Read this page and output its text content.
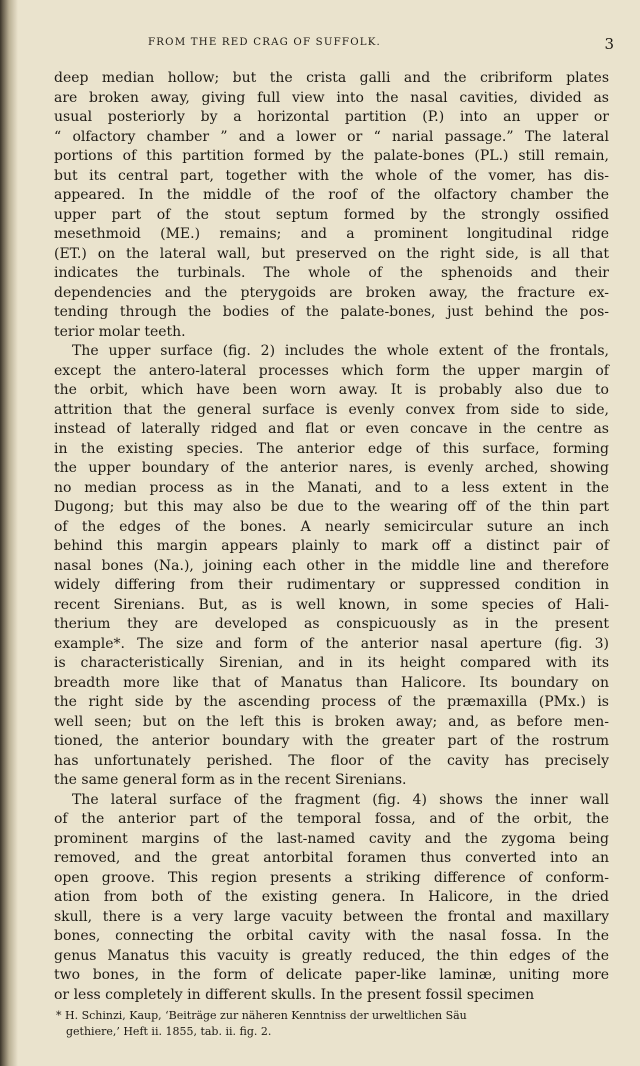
FROM THE RED CRAG OF SUFFOLK.	3
deep median hollow; but the crista galli and the cribriform plates
are broken away, giving full view into the nasal cavities, divided as
usual posteriorly by a horizontal partition (P.) into an upper or
“ olfactory chamber ” and a lower or “ narial passage.” The lateral
portions of this partition formed by the palate-bones (PL.) still remain,
but its central part, together with the whole of the vomer, has dis-
appeared. In the middle of the roof of the olfactory chamber the
upper part of the stout septum formed by the strongly ossified
mesethmoid (ME.) remains; and a prominent longitudinal ridge
(ET.) on the lateral wall, but preserved on the right side, is all that
indicates the turbinals. The whole of the sphenoids and their
dependencies and the pterygoids are broken away, the fracture ex-
tending through the bodies of the palate-bones, just behind the pos-
terior molar teeth.
The upper surface (fig. 2) includes the whole extent of the frontals,
except the antero-lateral processes which form the upper margin of
the orbit, which have been worn away. It is probably also due to
attrition that the general surface is evenly convex from side to side,
instead of laterally ridged and flat or even concave in the centre as
in the existing species. The anterior edge of this surface, forming
the upper boundary of the anterior nares, is evenly arched, showing
no median process as in the Manati, and to a less extent in the
Dugong; but this may also be due to the wearing off of the thin part
of the edges of the bones. A nearly semicircular suture an inch
behind this margin appears plainly to mark off a distinct pair of
nasal bones (Na.), joining each other in the middle line and therefore
widely differing from their rudimentary or suppressed condition in
recent Sirenians. But, as is well known, in some species of Hali-
therium they are developed as conspicuously as in the present
example*. The size and form of the anterior nasal aperture (fig. 3)
is characteristically Sirenian, and in its height compared with its
breadth more like that of Manatus than Halicore. Its boundary on
the right side by the ascending process of the præmaxilla (PMx.) is
well seen; but on the left this is broken away; and, as before men-
tioned, the anterior boundary with the greater part of the rostrum
has unfortunately perished. The floor of the cavity has precisely
the same general form as in the recent Sirenians.
The lateral surface of the fragment (fig. 4) shows the inner wall
of the anterior part of the temporal fossa, and of the orbit, the
prominent margins of the last-named cavity and the zygoma being
removed, and the great antorbital foramen thus converted into an
open groove. This region presents a striking difference of conform-
ation from both of the existing genera. In Halicore, in the dried
skull, there is a very large vacuity between the frontal and maxillary
bones, connecting the orbital cavity with the nasal fossa. In the
genus Manatus this vacuity is greatly reduced, the thin edges of the
two bones, in the form of delicate paper-like laminæ, uniting more
or less completely in different skulls. In the present fossil specimen
* H. Schinzi, Kaup, ‘Beiträge zur näheren Kenntniss der urweltlichen Säu
gethiere,’ Heft ii. 1855, tab. ii. fig. 2.
